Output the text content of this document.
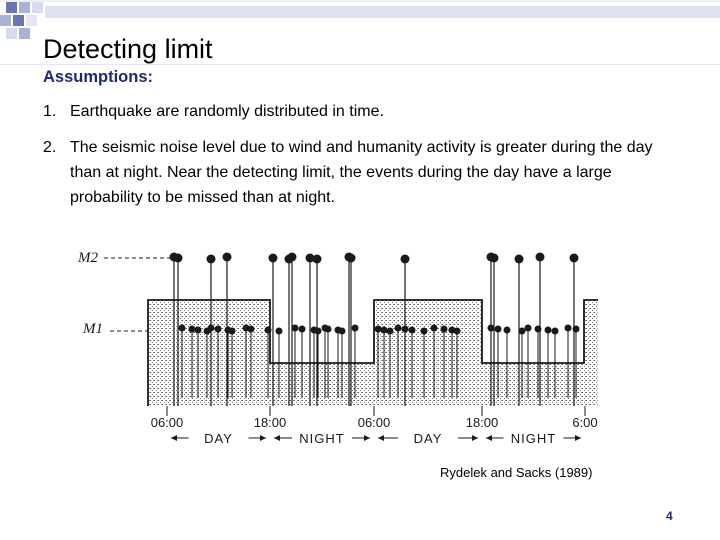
Detecting limit
Assumptions:
1. Earthquake are randomly distributed in time.
2. The seismic noise level due to wind and humanity activity is greater during the day than at night. Near the detecting limit, the events during the day have a large probability to be missed than at night.
06:00	18:00	06:00	18:00	6:00
DAY	NIGHT	DAY	NIGHT
M2
M1
Rydelek and Sacks (1989)
4
